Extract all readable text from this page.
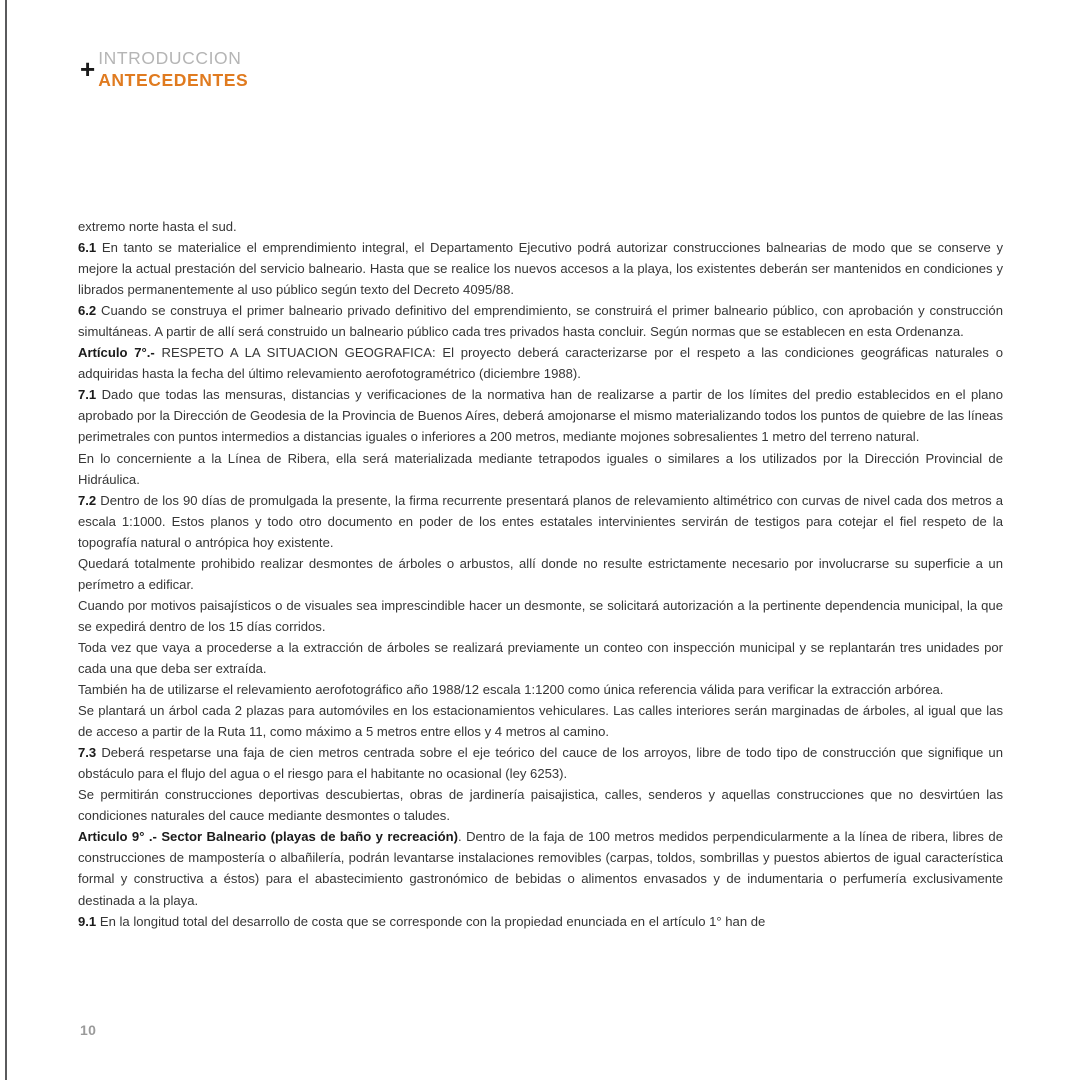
+ INTRODUCCION
ANTECEDENTES

extremo norte hasta el sud.

6.1 En tanto se materialice el emprendimiento integral, el Departamento Ejecutivo podrá autorizar construcciones balnearias de modo que se conserve y mejore la actual prestación del servicio balneario. Hasta que se realice los nuevos accesos a la playa, los existentes deberán ser mantenidos en condiciones y librados permanentemente al uso público según texto del Decreto 4095/88.

6.2 Cuando se construya el primer balneario privado definitivo del emprendimiento, se construirá el primer balneario público, con aprobación y construcción simultáneas. A partir de allí será construido un balneario público cada tres privados hasta concluir. Según normas que se establecen en esta Ordenanza.

Artículo 7°.- RESPETO A LA SITUACION GEOGRAFICA: El proyecto deberá caracterizarse por el respeto a las condiciones geográficas naturales o adquiridas hasta la fecha del último relevamiento aerofotogramétrico (diciembre 1988).

7.1 Dado que todas las mensuras, distancias y verificaciones de la normativa han de realizarse a partir de los límites del predio establecidos en el plano aprobado por la Dirección de Geodesia de la Provincia de Buenos Aíres, deberá amojonarse el mismo materializando todos los puntos de quiebre de las líneas perimetrales con puntos intermedios a distancias iguales o inferiores a 200 metros, mediante mojones sobresalientes 1 metro del terreno natural.

En lo concerniente a la Línea de Ribera, ella será materializada mediante tetrapodos iguales o similares a los utilizados por la Dirección Provincial de Hidráulica.

7.2 Dentro de los 90 días de promulgada la presente, la firma recurrente presentará planos de relevamiento altimétrico con curvas de nivel cada dos metros a escala 1:1000. Estos planos y todo otro documento en poder de los entes estatales intervinientes servirán de testigos para cotejar el fiel respeto de la topografía natural o antrópica hoy existente.

Quedará totalmente prohibido realizar desmontes de árboles o arbustos, allí donde no resulte estrictamente necesario por involucrarse su superficie a un perímetro a edificar.

Cuando por motivos paisajísticos o de visuales sea imprescindible hacer un desmonte, se solicitará autorización a la pertinente dependencia municipal, la que se expedirá dentro de los 15 días corridos.

Toda vez que vaya a procederse a la extracción de árboles se realizará previamente un conteo con inspección municipal y se replantarán tres unidades por cada una que deba ser extraída.

También ha de utilizarse el relevamiento aerofotográfico año 1988/12 escala 1:1200 como única referencia válida para verificar la extracción arbórea.

Se plantará un árbol cada 2 plazas para automóviles en los estacionamientos vehiculares. Las calles interiores serán marginadas de árboles, al igual que las de acceso a partir de la Ruta 11, como máximo a 5 metros entre ellos y 4 metros al camino.

7.3 Deberá respetarse una faja de cien metros centrada sobre el eje teórico del cauce de los arroyos, libre de todo tipo de construcción que signifique un obstáculo para el flujo del agua o el riesgo para el habitante no ocasional (ley 6253).

Se permitirán construcciones deportivas descubiertas, obras de jardinería paisajistica, calles, senderos y aquellas construcciones que no desvirtúen las condiciones naturales del cauce mediante desmontes o taludes.

Articulo 9° .- Sector Balneario (playas de baño y recreación). Dentro de la faja de 100 metros medidos perpendicularmente a la línea de ribera, libres de construcciones de mampostería o albañilería, podrán levantarse instalaciones removibles (carpas, toldos, sombrillas y puestos abiertos de igual característica formal y constructiva a éstos) para el abastecimiento gastronómico de bebidas o alimentos envasados y de indumentaria o perfumería exclusivamente destinada a la playa.

9.1 En la longitud total del desarrollo de costa que se corresponde con la propiedad enunciada en el artículo 1° han de

10
